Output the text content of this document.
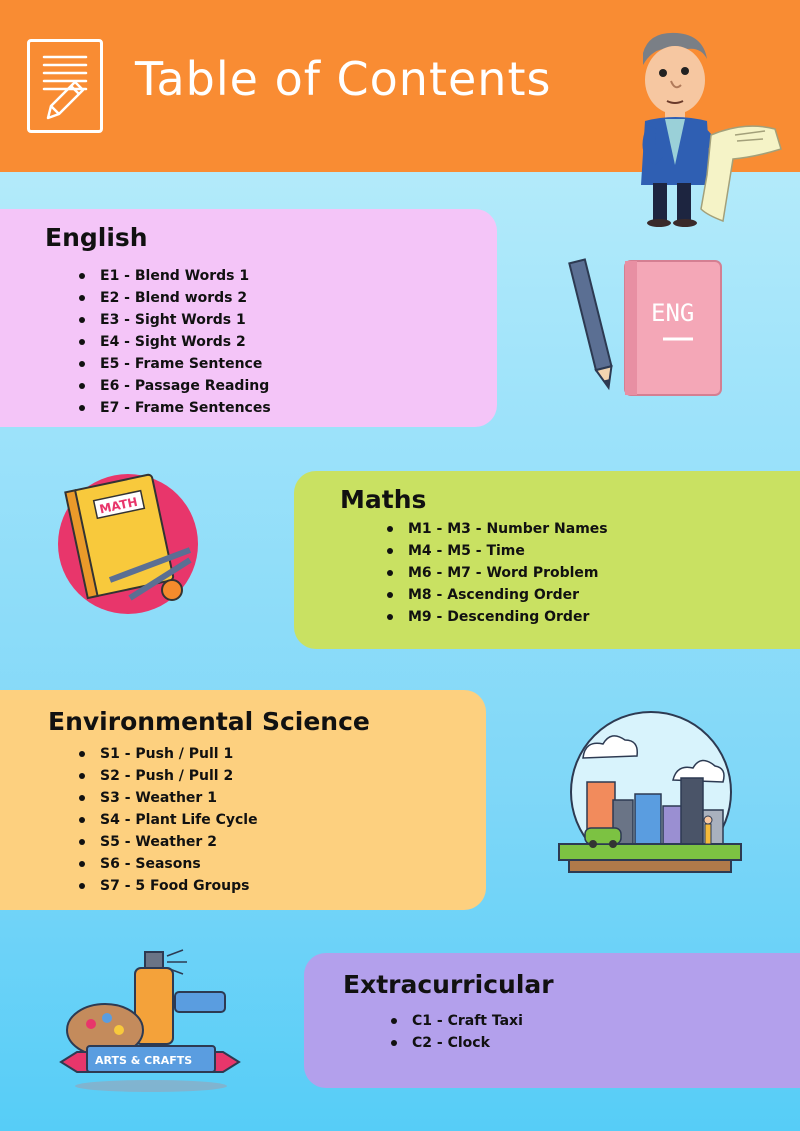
Table of Contents
English
E1 - Blend Words 1
E2 - Blend words 2
E3 - Sight Words 1
E4 - Sight Words 2
E5 - Frame Sentence
E6 - Passage Reading
E7 - Frame Sentences
ENG
MATH	Maths
M1 - M3 - Number Names
M4 - M5 - Time
M6 - M7 - Word Problem
M8 - Ascending Order
M9 - Descending Order
Environmental Science
S1 - Push / Pull 1
S2 - Push / Pull 2
S3 - Weather 1
S4 - Plant Life Cycle
S5 - Weather 2
S6 - Seasons
S7 - 5 Food Groups
ARTS & CRAFTS
Extracurricular
C1 - Craft Taxi
C2 - Clock
